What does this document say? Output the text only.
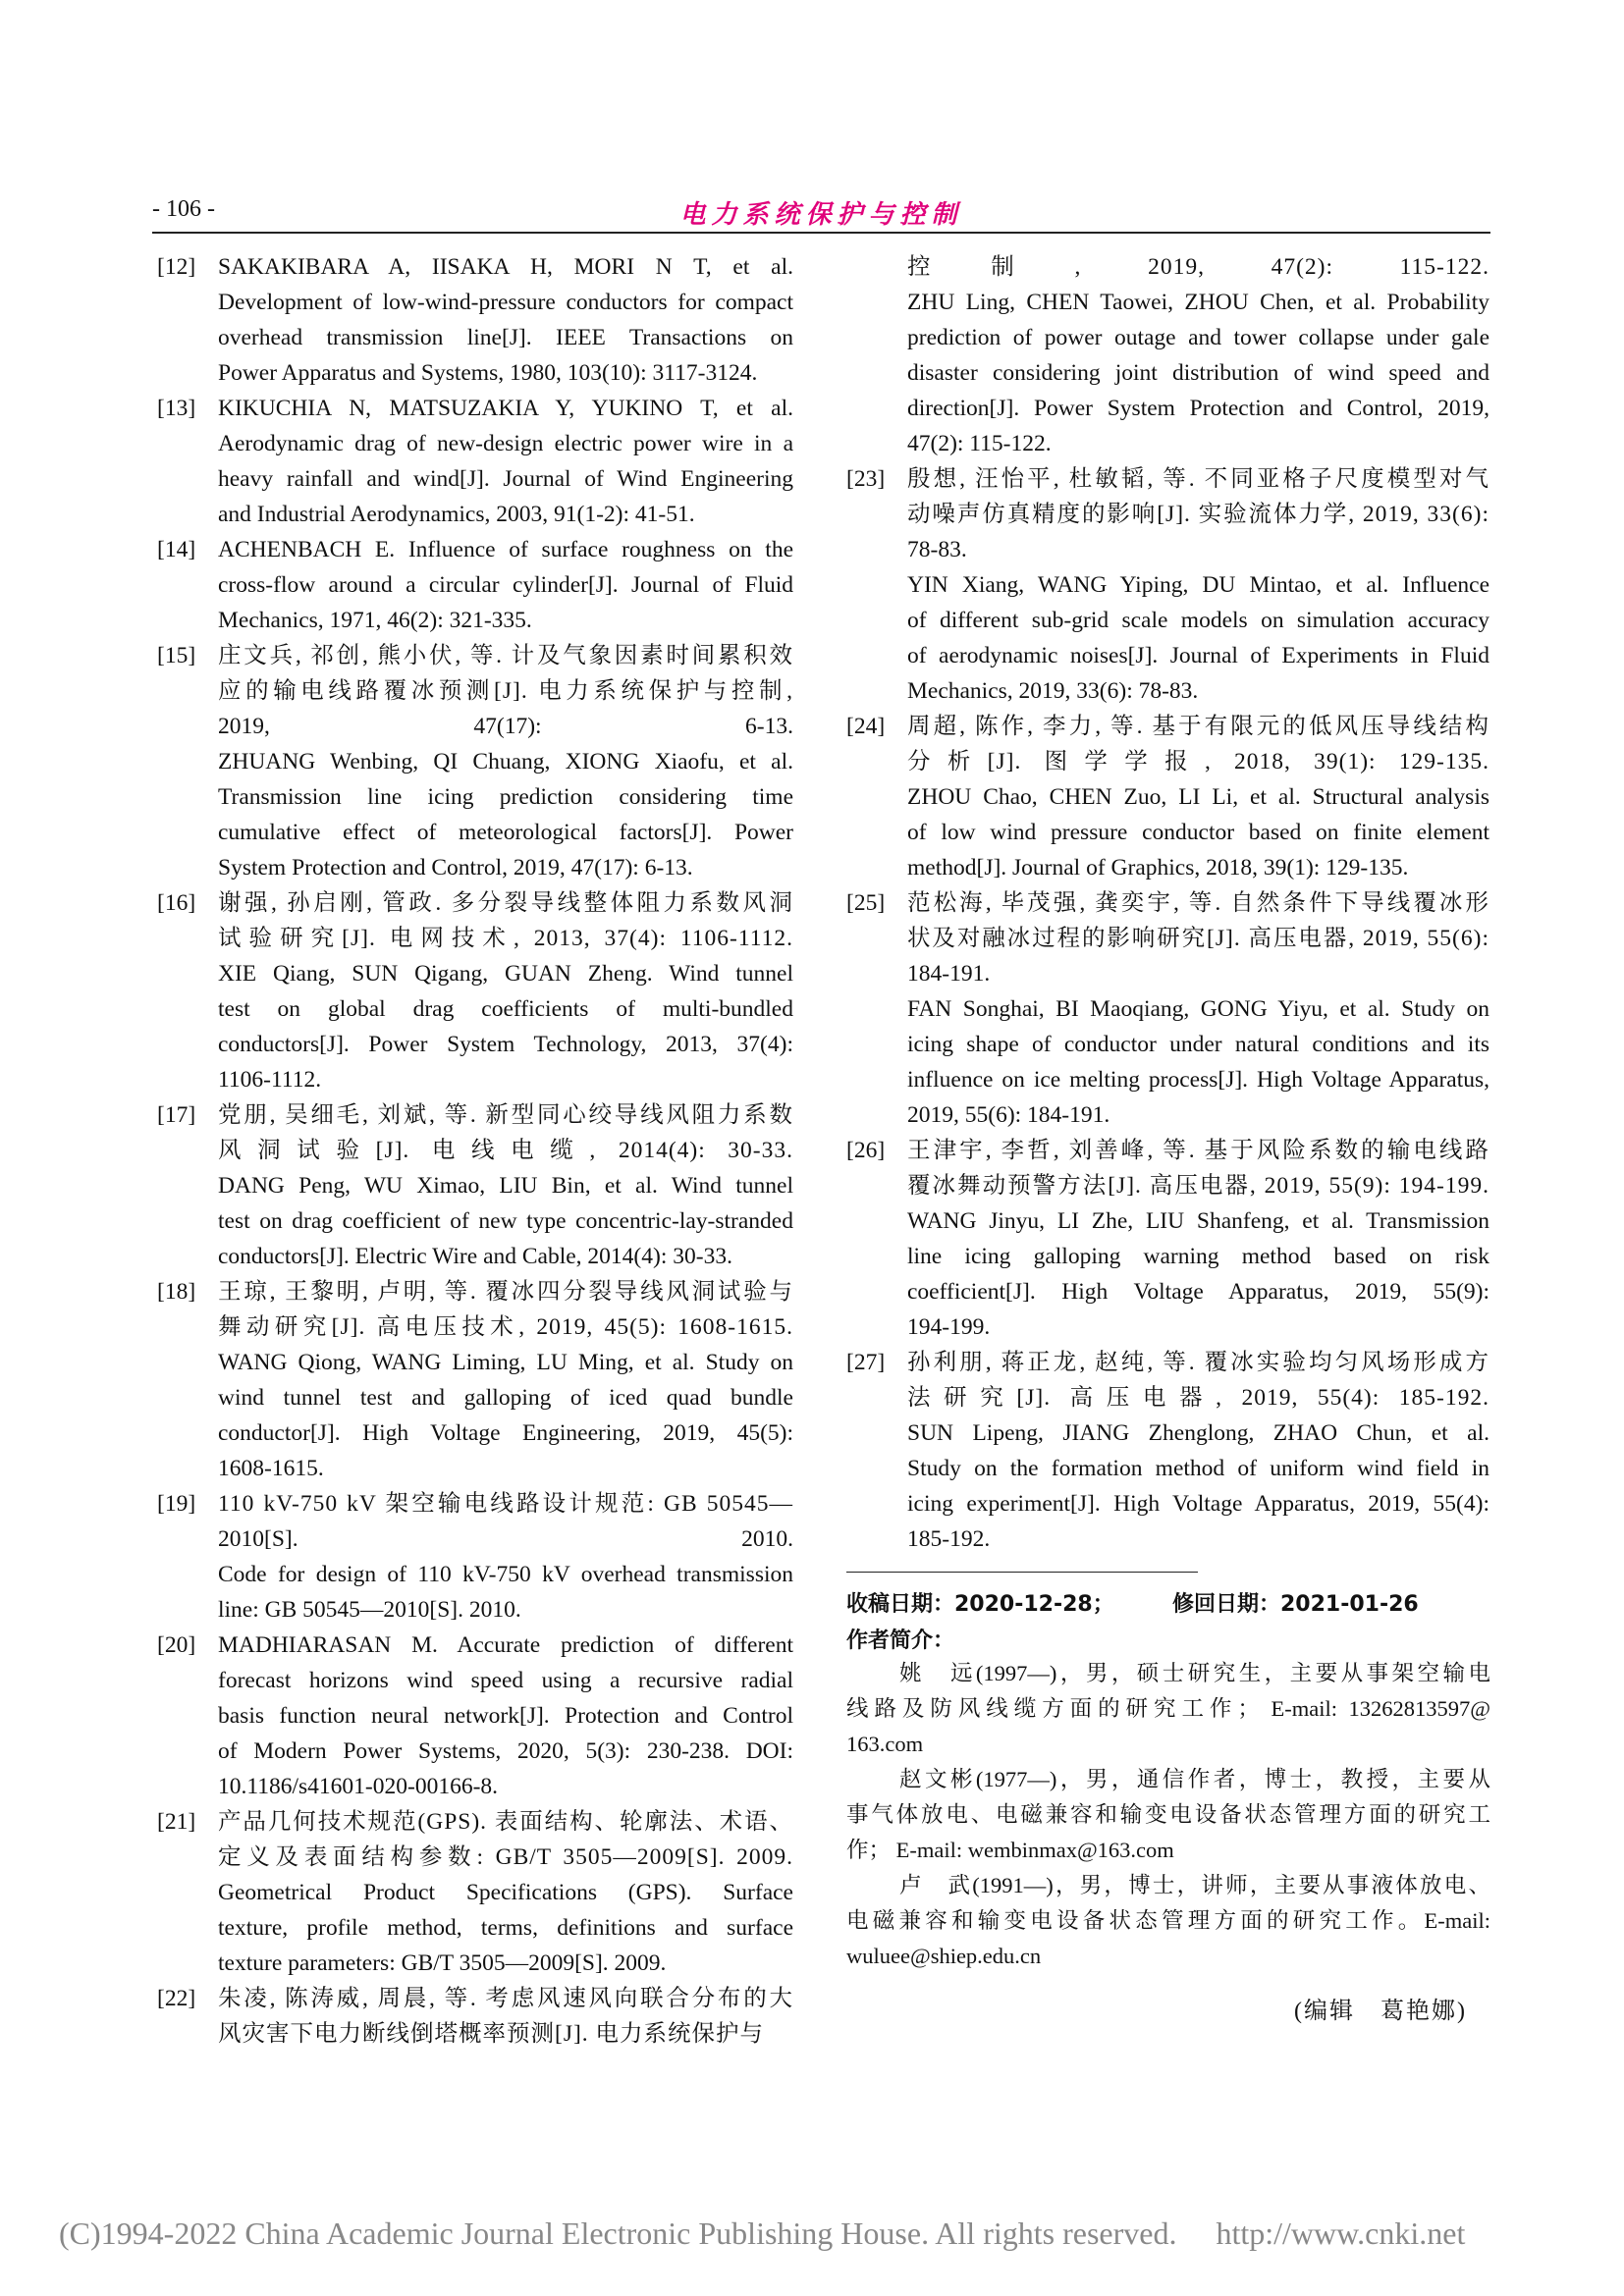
- 106 -	电力系统保护与控制
[12] SAKAKIBARA A, IISAKA H, MORI N T, et al.
Development of low-wind-pressure conductors for compact
overhead transmission line[J]. IEEE Transactions on
Power Apparatus and Systems, 1980, 103(10): 3117-3124.
[13] KIKUCHIA N, MATSUZAKIA Y, YUKINO T, et al.
Aerodynamic drag of new-design electric power wire in a
heavy rainfall and wind[J]. Journal of Wind Engineering
and Industrial Aerodynamics, 2003, 91(1-2): 41-51.
[14] ACHENBACH E. Influence of surface roughness on the
cross-flow around a circular cylinder[J]. Journal of Fluid
Mechanics, 1971, 46(2): 321-335.
[15] 庄文兵, 祁创, 熊小伏, 等. 计及气象因素时间累积效
应的输电线路覆冰预测[J]. 电力系统保护与控制,
2019, 47(17): 6-13.
ZHUANG Wenbing, QI Chuang, XIONG Xiaofu, et al.
Transmission line icing prediction considering time
cumulative effect of meteorological factors[J]. Power
System Protection and Control, 2019, 47(17): 6-13.
[16] 谢强, 孙启刚, 管政. 多分裂导线整体阻力系数风洞
试验研究[J]. 电网技术, 2013, 37(4): 1106-1112.
XIE Qiang, SUN Qigang, GUAN Zheng. Wind tunnel
test on global drag coefficients of multi-bundled
conductors[J]. Power System Technology, 2013, 37(4):
1106-1112.
[17] 党朋, 吴细毛, 刘斌, 等. 新型同心绞导线风阻力系数
风洞试验[J]. 电线电缆, 2014(4): 30-33.
DANG Peng, WU Ximao, LIU Bin, et al. Wind tunnel
test on drag coefficient of new type concentric-lay-stranded
conductors[J]. Electric Wire and Cable, 2014(4): 30-33.
[18] 王琼, 王黎明, 卢明, 等. 覆冰四分裂导线风洞试验与
舞动研究[J]. 高电压技术, 2019, 45(5): 1608-1615.
WANG Qiong, WANG Liming, LU Ming, et al. Study on
wind tunnel test and galloping of iced quad bundle
conductor[J]. High Voltage Engineering, 2019, 45(5):
1608-1615.
[19] 110 kV-750 kV 架空输电线路设计规范: GB 50545—
2010[S]. 2010.
Code for design of 110 kV-750 kV overhead transmission
line: GB 50545—2010[S]. 2010.
[20] MADHIARASAN M. Accurate prediction of different
forecast horizons wind speed using a recursive radial
basis function neural network[J]. Protection and Control
of Modern Power Systems, 2020, 5(3): 230-238. DOI:
10.1186/s41601-020-00166-8.
[21] 产品几何技术规范(GPS). 表面结构、轮廓法、术语、
定义及表面结构参数: GB/T 3505—2009[S]. 2009.
Geometrical Product Specifications (GPS). Surface
texture, profile method, terms, definitions and surface
texture parameters: GB/T 3505—2009[S]. 2009.
[22] 朱凌, 陈涛威, 周晨, 等. 考虑风速风向联合分布的大
风灾害下电力断线倒塔概率预测[J]. 电力系统保护与
控制, 2019, 47(2): 115-122.
ZHU Ling, CHEN Taowei, ZHOU Chen, et al. Probability
prediction of power outage and tower collapse under gale
disaster considering joint distribution of wind speed and
direction[J]. Power System Protection and Control, 2019,
47(2): 115-122.
[23] 殷想, 汪怡平, 杜敏韬, 等. 不同亚格子尺度模型对气
动噪声仿真精度的影响[J]. 实验流体力学, 2019, 33(6):
78-83.
YIN Xiang, WANG Yiping, DU Mintao, et al. Influence
of different sub-grid scale models on simulation accuracy
of aerodynamic noises[J]. Journal of Experiments in Fluid
Mechanics, 2019, 33(6): 78-83.
[24] 周超, 陈作, 李力, 等. 基于有限元的低风压导线结构
分析[J]. 图学学报, 2018, 39(1): 129-135.
ZHOU Chao, CHEN Zuo, LI Li, et al. Structural analysis
of low wind pressure conductor based on finite element
method[J]. Journal of Graphics, 2018, 39(1): 129-135.
[25] 范松海, 毕茂强, 龚奕宇, 等. 自然条件下导线覆冰形
状及对融冰过程的影响研究[J]. 高压电器, 2019, 55(6):
184-191.
FAN Songhai, BI Maoqiang, GONG Yiyu, et al. Study on
icing shape of conductor under natural conditions and its
influence on ice melting process[J]. High Voltage Apparatus,
2019, 55(6): 184-191.
[26] 王津宇, 李哲, 刘善峰, 等. 基于风险系数的输电线路
覆冰舞动预警方法[J]. 高压电器, 2019, 55(9): 194-199.
WANG Jinyu, LI Zhe, LIU Shanfeng, et al. Transmission
line icing galloping warning method based on risk
coefficient[J]. High Voltage Apparatus, 2019, 55(9):
194-199.
[27] 孙利朋, 蒋正龙, 赵纯, 等. 覆冰实验均匀风场形成方
法研究[J]. 高压电器, 2019, 55(4): 185-192.
SUN Lipeng, JIANG Zhenglong, ZHAO Chun, et al.
Study on the formation method of uniform wind field in
icing experiment[J]. High Voltage Apparatus, 2019, 55(4):
185-192.
收稿日期：2020-12-28；	修回日期：2021-01-26
作者简介：
姚　远(1997—)，男，硕士研究生，主要从事架空输电
线路及防风线缆方面的研究工作； E-mail: 13262813597@
163.com
赵文彬(1977—)，男，通信作者，博士，教授，主要从
事气体放电、电磁兼容和输变电设备状态管理方面的研究工
作； E-mail: wembinmax@163.com
卢　武(1991—)，男，博士，讲师，主要从事液体放电、
电磁兼容和输变电设备状态管理方面的研究工作。E-mail:
wuluee@shiep.edu.cn
(编辑　葛艳娜)
(C)1994-2022 China Academic Journal Electronic Publishing House. All rights reserved.　 http://www.cnki.net
